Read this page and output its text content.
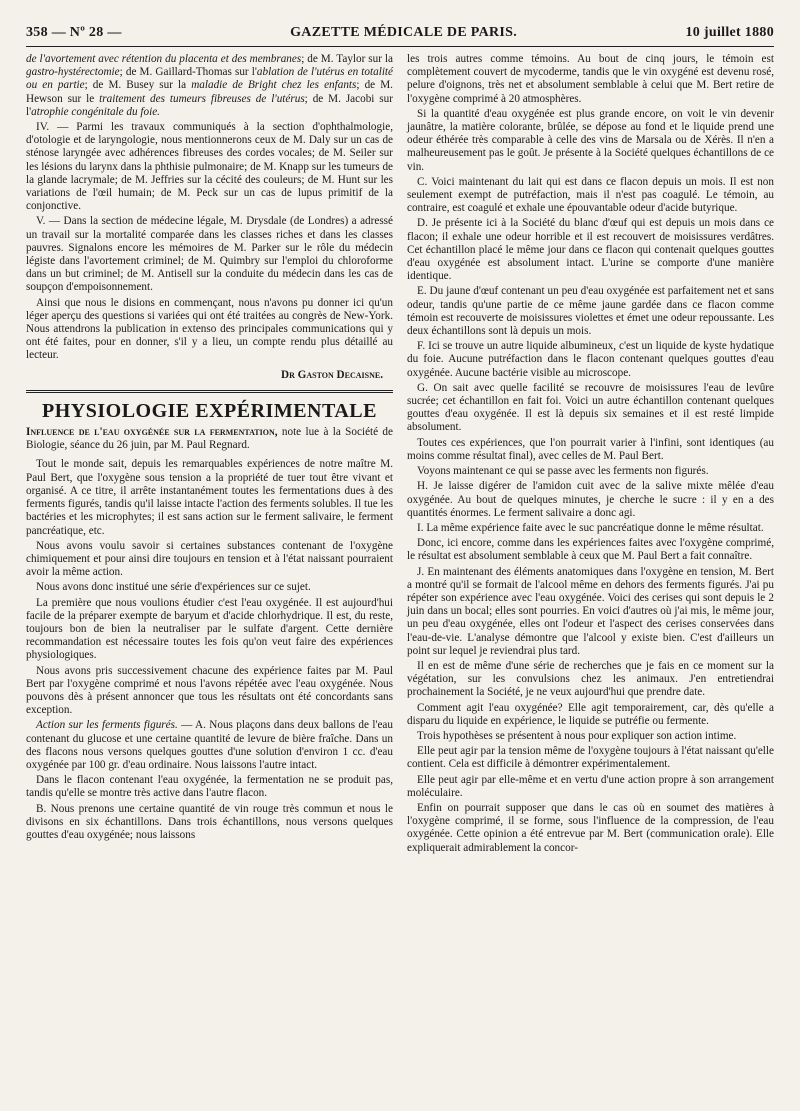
358 — Nº 28 —	GAZETTE MÉDICALE DE PARIS.	10 juillet 1880

de l'avortement avec rétention du placenta et des membranes; de M. Taylor sur la gastro-hystérectomie; de M. Gaillard-Thomas sur l'ablation de l'utérus en totalité ou en partie; de M. Busey sur la maladie de Bright chez les enfants; de M. Hewson sur le traitement des tumeurs fibreuses de l'utérus; de M. Jacobi sur l'atrophie congénitale du foie.

IV. — Parmi les travaux communiqués à la section d'ophthalmologie, d'otologie et de laryngologie, nous mentionnerons ceux de M. Daly sur un cas de sténose laryngée avec adhérences fibreuses des cordes vocales; de M. Seiler sur les lésions du larynx dans la phthisie pulmonaire; de M. Knapp sur les tumeurs de la glande lacrymale; de M. Jeffries sur la cécité des couleurs; de M. Hunt sur les variations de l'œil humain; de M. Peck sur un cas de lupus primitif de la conjonctive.

V. — Dans la section de médecine légale, M. Drysdale (de Londres) a adressé un travail sur la mortalité comparée dans les classes riches et dans les classes pauvres. Signalons encore les mémoires de M. Parker sur le rôle du médecin légiste dans l'avortement criminel; de M. Quimbry sur l'emploi du chloroforme dans un but criminel; de M. Antisell sur la conduite du médecin dans les cas de soupçon d'empoisonnement.

Ainsi que nous le disions en commençant, nous n'avons pu donner ici qu'un léger aperçu des questions si variées qui ont été traitées au congrès de New-York. Nous attendrons la publication in extenso des principales communications qui y ont été faites, pour en donner, s'il y a lieu, un compte rendu plus détaillé au lecteur.

Dr Gaston Decaisne.
PHYSIOLOGIE EXPÉRIMENTALE
Influence de l'eau oxygénée sur la fermentation, note lue à la Société de Biologie, séance du 26 juin, par M. Paul Regnard.

Tout le monde sait, depuis les remarquables expériences de notre maître M. Paul Bert, que l'oxygène sous tension a la propriété de tuer tout être vivant et organisé. A ce titre, il arrête instantanément toutes les fermentations dues à des ferments figurés, tandis qu'il laisse intacte l'action des ferments solubles. Il tue les bactéries et les microphytes; il est sans action sur le ferment salivaire, le ferment pancréatique, etc.

Nous avons voulu savoir si certaines substances contenant de l'oxygène chimiquement et pour ainsi dire toujours en tension et à l'état naissant pourraient avoir la même action.

Nous avons donc institué une série d'expériences sur ce sujet.

La première que nous voulions étudier c'est l'eau oxygénée. Il est aujourd'hui facile de la préparer exempte de baryum et d'acide chlorhydrique. Il est, du reste, toujours bon de bien la neutraliser par le sulfate d'argent. Cette dernière recommandation est nécessaire toutes les fois qu'on veut faire des expériences physiologiques.

Nous avons pris successivement chacune des expérience faites par M. Paul Bert par l'oxygène comprimé et nous l'avons répétée avec l'eau oxygénée. Nous pouvons dès à présent annoncer que tous les résultats ont été concordants sans exception.

Action sur les ferments figurés. — A. Nous plaçons dans deux ballons de l'eau contenant du glucose et une certaine quantité de levure de bière fraîche. Dans un des flacons nous versons quelques gouttes d'une solution d'environ 1 cc. d'eau oxygénée par 100 gr. d'eau ordinaire. Nous laissons l'autre intact.

Dans le flacon contenant l'eau oxygénée, la fermentation ne se produit pas, tandis qu'elle se montre très active dans l'autre flacon.

B. Nous prenons une certaine quantité de vin rouge très commun et nous le divisons en six échantillons. Dans trois échantillons, nous versons quelques gouttes d'eau oxygénée; nous laissons

les trois autres comme témoins. Au bout de cinq jours, le témoin est complètement couvert de mycoderme, tandis que le vin oxygéné est devenu rosé, pelure d'oignons, très net et absolument semblable à celui que M. Bert retire de l'oxygène comprimé à 20 atmosphères.

Si la quantité d'eau oxygénée est plus grande encore, on voit le vin devenir jaunâtre, la matière colorante, brûlée, se dépose au fond et le liquide prend une odeur éthérée très comparable à celle des vins de Marsala ou de Xérès. Il n'en a malheureusement pas le goût. Je présente à la Société quelques échantillons de ce vin.

C. Voici maintenant du lait qui est dans ce flacon depuis un mois. Il est non seulement exempt de putréfaction, mais il n'est pas coagulé. Le témoin, au contraire, est coagulé et exhale une épouvantable odeur d'acide butyrique.

D. Je présente ici à la Société du blanc d'œuf qui est depuis un mois dans ce flacon; il exhale une odeur horrible et il est recouvert de moisissures verdâtres. Cet échantillon placé le même jour dans ce flacon qui contenait quelques gouttes d'eau oxygénée est absolument intact. L'urine se comporte d'une manière identique.

E. Du jaune d'œuf contenant un peu d'eau oxygénée est parfaitement net et sans odeur, tandis qu'une partie de ce même jaune gardée dans ce flacon comme témoin est recouverte de moisissures violettes et émet une odeur repoussante. Les deux échantillons sont là depuis un mois.

F. Ici se trouve un autre liquide albumineux, c'est un liquide de kyste hydatique du foie. Aucune putréfaction dans le flacon contenant quelques gouttes d'eau oxygénée. Aucune bactérie visible au microscope.

G. On sait avec quelle facilité se recouvre de moisissures l'eau de levûre sucrée; cet échantillon en fait foi. Voici un autre échantillon contenant quelques gouttes d'eau oxygénée. Il est là depuis six semaines et il est resté limpide absolument.

Toutes ces expériences, que l'on pourrait varier à l'infini, sont identiques (au moins comme résultat final), avec celles de M. Paul Bert.

Voyons maintenant ce qui se passe avec les ferments non figurés.

H. Je laisse digérer de l'amidon cuit avec de la salive mixte mêlée d'eau oxygénée. Au bout de quelques minutes, je cherche le sucre : il y en a des quantités énormes. Le ferment salivaire a donc agi.

I. La même expérience faite avec le suc pancréatique donne le même résultat.

Donc, ici encore, comme dans les expériences faites avec l'oxygène comprimé, le résultat est absolument semblable à ceux que M. Paul Bert a fait connaître.

J. En maintenant des éléments anatomiques dans l'oxygène en tension, M. Bert a montré qu'il se formait de l'alcool même en dehors des ferments figurés. J'ai pu répéter son expérience avec l'eau oxygénée. Voici des cerises qui sont depuis le 2 juin dans un bocal; elles sont pourries. En voici d'autres où j'ai mis, le même jour, un peu d'eau oxygénée, elles ont l'odeur et l'aspect des cerises conservées dans l'eau-de-vie. L'analyse démontre que l'alcool y existe bien. C'est d'ailleurs un point sur lequel je reviendrai plus tard.

Il en est de même d'une série de recherches que je fais en ce moment sur la végétation, sur les convulsions chez les animaux. J'en entretiendrai prochainement la Société, je ne veux aujourd'hui que prendre date.

Comment agit l'eau oxygénée? Elle agit temporairement, car, dès qu'elle a disparu du liquide en expérience, le liquide se putréfie ou fermente.

Trois hypothèses se présentent à nous pour expliquer son action intime.

Elle peut agir par la tension même de l'oxygène toujours à l'état naissant qu'elle contient. Cela est difficile à démontrer expérimentalement.

Elle peut agir par elle-même et en vertu d'une action propre à son arrangement moléculaire.

Enfin on pourrait supposer que dans le cas où en soumet des matières à l'oxygène comprimé, il se forme, sous l'influence de la compression, de l'eau oxygénée. Cette opinion a été entrevue par M. Bert (communication orale). Elle expliquerait admirablement la concor-
